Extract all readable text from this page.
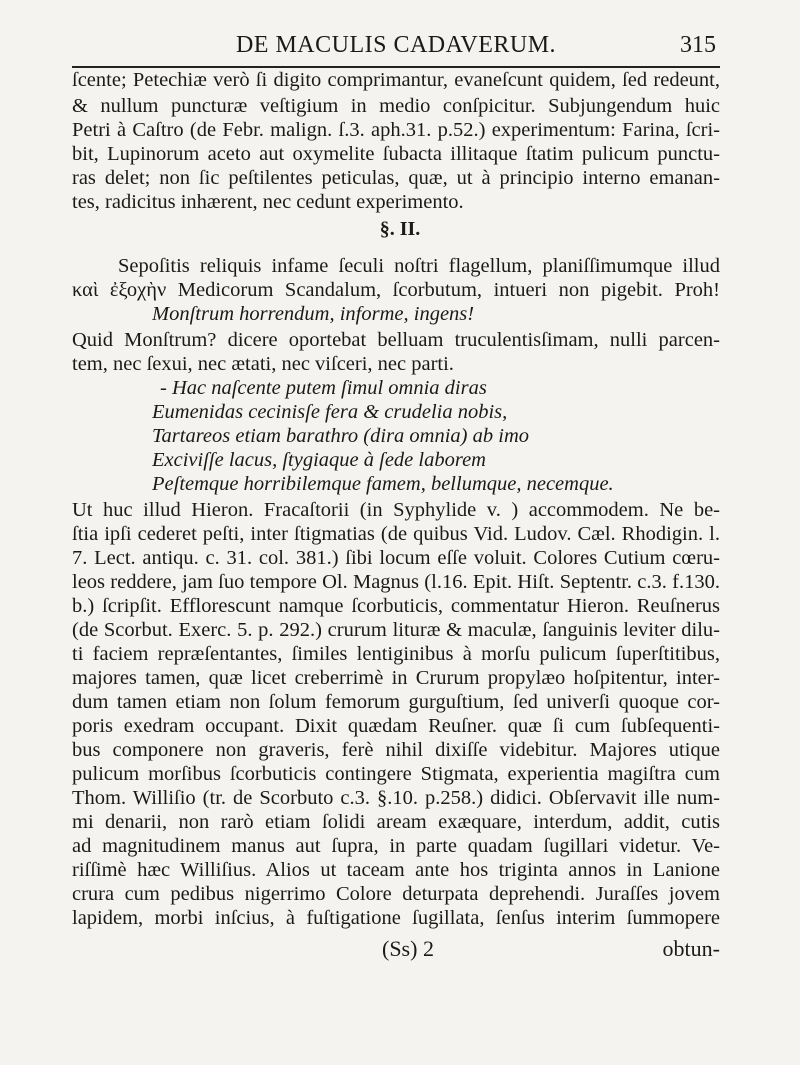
DE MACULIS CADAVERUM.	315
ſcente; Petechiæ verò ſi digito comprimantur, evaneſcunt quidem, ſed redeunt,
& nullum puncturæ veſtigium in medio conſpicitur. Subjungendum huic
Petri à Caſtro (de Febr. malign. ſ.3. aph.31. p.52.) experimentum: Farina, ſcri-
bit, Lupinorum aceto aut oxymelite ſubacta illitaque ſtatim pulicum punctu-
ras delet; non ſic peſtilentes peticulas, quæ, ut à principio interno emanan-
tes, radicitus inhærent, nec cedunt experimento.
§. II.
Sepoſitis reliquis infame ſeculi noſtri flagellum, planiſſimumque illud
καὶ ἐξοχὴν Medicorum Scandalum, ſcorbutum, intueri non pigebit. Proh!
Monſtrum horrendum, informe, ingens!
Quid Monſtrum? dicere oportebat belluam truculentisſimam, nulli parcen-
tem, nec ſexui, nec ætati, nec viſceri, nec parti.
- Hac naſcente putem ſimul omnia diras
Eumenidas cecinisſe fera & crudelia nobis,
Tartareos etiam barathro (dira omnia) ab imo
Exciviſſe lacus, ſtygiaque à ſede laborem
Peſtemque horribilemque famem, bellumque, necemque.
Ut huc illud Hieron. Fracaſtorii (in Syphylide v. ) accommodem. Ne be-
ſtia ipſi cederet peſti, inter ſtigmatias (de quibus Vid. Ludov. Cæl. Rhodigin. l.
7. Lect. antiqu. c. 31. col. 381.) ſibi locum eſſe voluit. Colores Cutium cœru-
leos reddere, jam ſuo tempore Ol. Magnus (l.16. Epit. Hiſt. Septentr. c.3. f.130.
b.) ſcripſit. Efflorescunt namque ſcorbuticis, commentatur Hieron. Reuſnerus
(de Scorbut. Exerc. 5. p. 292.) crurum lituræ & maculæ, ſanguinis leviter dilu-
ti faciem repræſentantes, ſimiles lentiginibus à morſu pulicum ſuperſtitibus,
majores tamen, quæ licet creberrimè in Crurum propylæo hoſpitentur, inter-
dum tamen etiam non ſolum femorum gurguſtium, ſed univerſi quoque cor-
poris exedram occupant. Dixit quædam Reuſner. quæ ſi cum ſubſequenti-
bus componere non graveris, ferè nihil dixiſſe videbitur. Majores utique
pulicum morſibus ſcorbuticis contingere Stigmata, experientia magiſtra cum
Thom. Williſio (tr. de Scorbuto c.3. §.10. p.258.) didici. Obſervavit ille num-
mi denarii, non rarò etiam ſolidi aream exæquare, interdum, addit, cutis
ad magnitudinem manus aut ſupra, in parte quadam ſugillari videtur. Ve-
riſſimè hæc Williſius. Alios ut taceam ante hos triginta annos in Lanione
crura cum pedibus nigerrimo Colore deturpata deprehendi. Juraſſes jovem
lapidem, morbi inſcius, à fuſtigatione ſugillata, ſenſus interim ſummopere
(Ss) 2	obtun-
